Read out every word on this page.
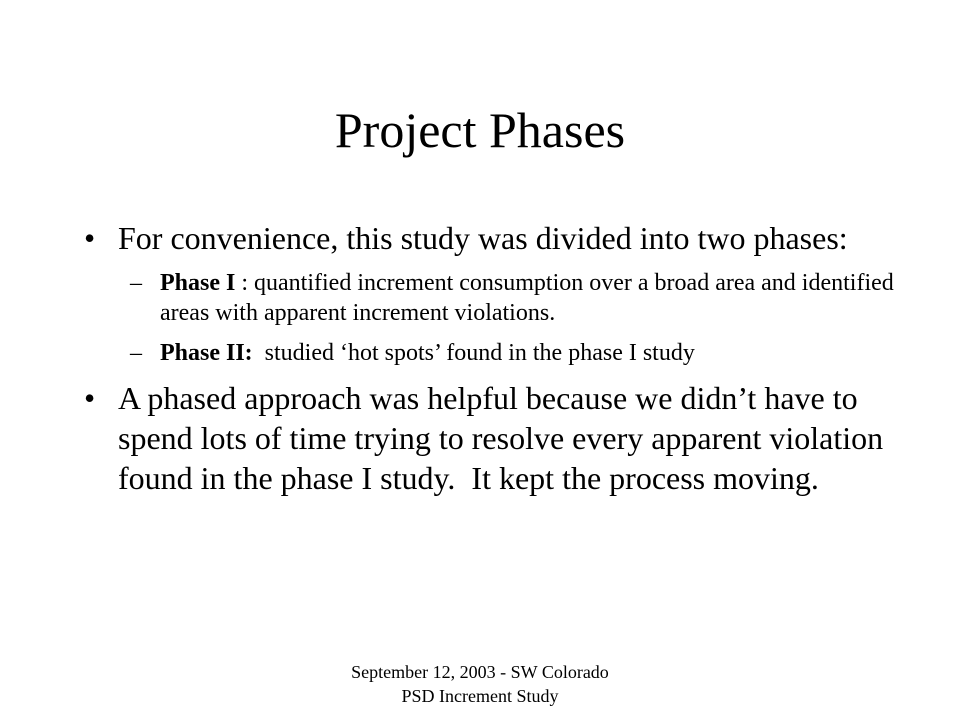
Project Phases
• For convenience, this study was divided into two phases:
– Phase I : quantified increment consumption over a broad area and identified areas with apparent increment violations.
– Phase II:  studied ‘hot spots’ found in the phase I study
• A phased approach was helpful because we didn’t have to spend lots of time trying to resolve every apparent violation found in the phase I study.  It kept the process moving.
September 12, 2003 - SW Colorado
PSD Increment Study
